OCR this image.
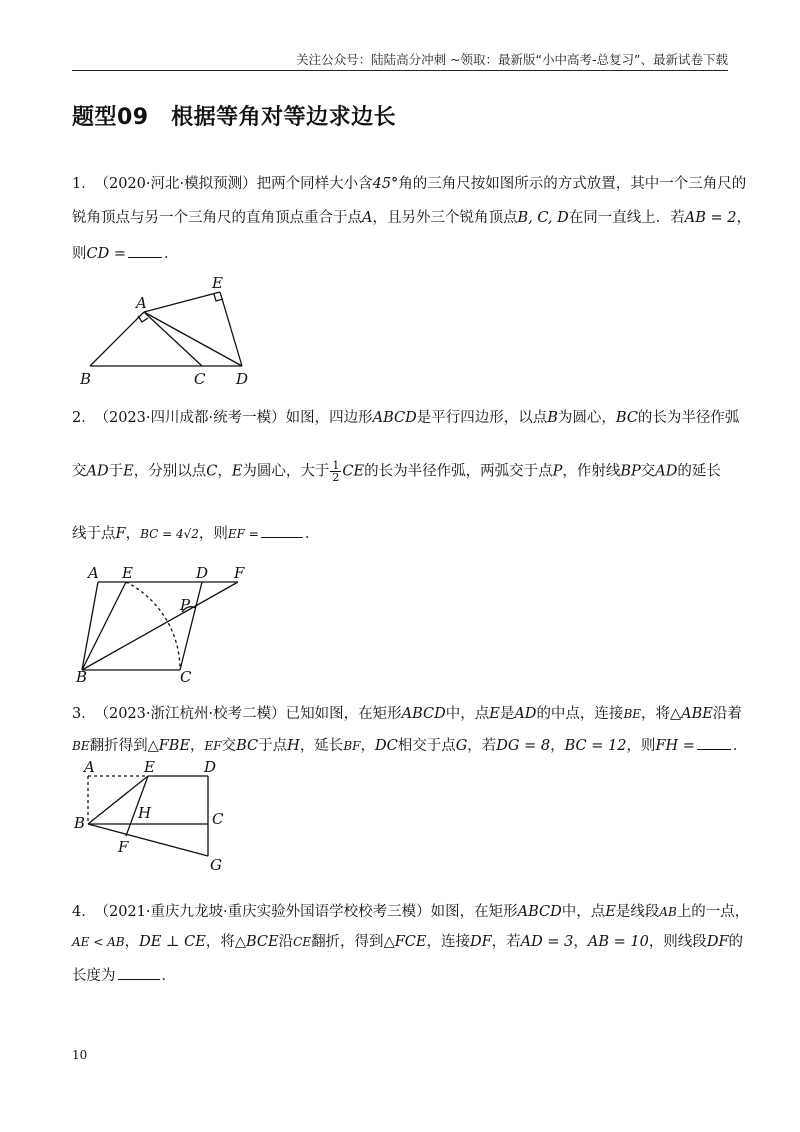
关注公众号：陆陆高分冲刺 ~领取：最新版“小中高考-总复习”、最新试卷下载
题型09　根据等角对等边求边长
1． （2020·河北·模拟预测）把两个同样大小含45°角的三角尺按如图所示的方式放置，其中一个三角尺的
锐角顶点与另一个三角尺的直角顶点重合于点A，且另外三个锐角顶点B, C, D在同一直线上．若AB = 2，
则CD =	．
A
E
B	C D
2． （2023·四川成都·统考一模）如图，四边形ABCD是平行四边形，以点B为圆心，BC的长为半径作弧
交AD于E，分别以点C，E为圆心，大于 $\frac{1}{2}$ CE的长为半径作弧，两弧交于点P，作射线BP交AD的延长
线于点F，BC = 4√2，则EF =	．
A E	D F
P
B	C
3． （2023·浙江杭州·校考二模）已知如图，在矩形ABCD中，点E是AD的中点，连接BE，将△ABE沿着
BE翻折得到△FBE，EF交BC于点H，延长BF，DC相交于点G，若DG = 8，BC = 12，则FH =	．
A	E	D
B
H	C
F
G
4． （2021·重庆九龙坡·重庆实验外国语学校校考三模）如图，在矩形ABCD中，点E是线段AB上的一点，
AE < AB，DE ⊥ CE，将△BCE沿CE翻折，得到△FCE，连接DF，若AD = 3，AB = 10，则线段DF的
长度为	．
10
